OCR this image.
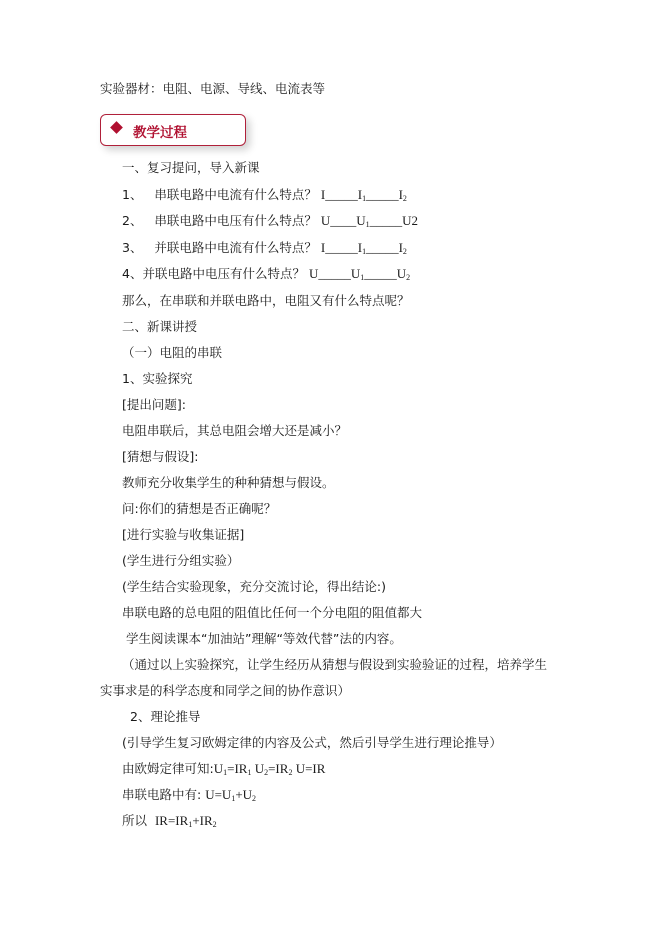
实验器材：电阻、电源、导线、电流表等
教学过程
一、复习提问，导入新课
1、 串联电路中电流有什么特点？ $I\_\_\_\_\_I_1\_\_\_\_\_I_2$
2、 串联电路中电压有什么特点？ $U\_\_\_\_U_1\_\_\_\_\_U2$
3、 并联电路中电流有什么特点？ $I\_\_\_\_\_I_1\_\_\_\_\_I_2$
4、并联电路中电压有什么特点？ $U\_\_\_\_\_U_1\_\_\_\_\_U_2$
那么，在串联和并联电路中，电阻又有什么特点呢？
二、新课讲授
（一）电阻的串联
1、实验探究
[提出问题]:
电阻串联后，其总电阻会增大还是减小？
[猜想与假设]:
教师充分收集学生的种种猜想与假设。
问:你们的猜想是否正确呢？
[进行实验与收集证据]
(学生进行分组实验）
(学生结合实验现象，充分交流讨论，得出结论:)
串联电路的总电阻的阻值比任何一个分电阻的阻值都大
学生阅读课本“加油站”理解“等效代替”法的内容。
（通过以上实验探究，让学生经历从猜想与假设到实验验证的过程，培养学生
实事求是的科学态度和同学之间的协作意识）
2、理论推导
(引导学生复习欧姆定律的内容及公式，然后引导学生进行理论推导）
由欧姆定律可知$:U_1=IR_1$ $U_2=IR_2$ U=IR
串联电路中有: $U=U_1+U_2$
所以 $IR=IR_1+IR_2$
